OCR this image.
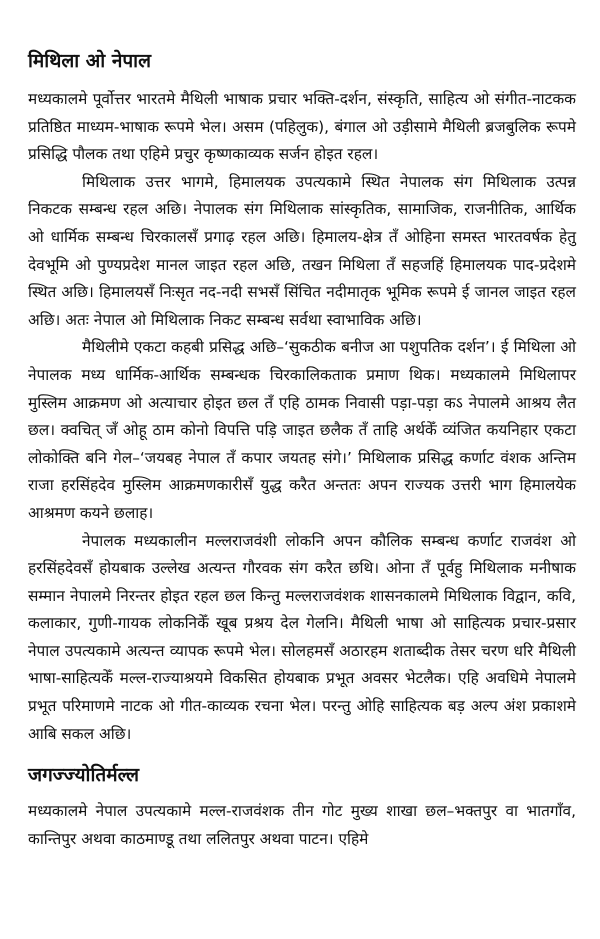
मिथिला ओ नेपाल

मध्यकालमे पूर्वोत्तर भारतमे मैथिली भाषाक प्रचार भक्ति-दर्शन, संस्कृति, साहित्य ओ संगीत-नाटकक प्रतिष्ठित माध्यम-भाषाक रूपमे भेल। असम (पहिलुक), बंगाल ओ उड़ीसामे मैथिली ब्रजबुलिक रूपमे प्रसिद्धि पौलक तथा एहिमे प्रचुर कृष्णकाव्यक सर्जन होइत रहल।

मिथिलाक उत्तर भागमे, हिमालयक उपत्यकामे स्थित नेपालक संग मिथिलाक उत्पन्न निकटक सम्बन्ध रहल अछि। नेपालक संग मिथिलाक सांस्कृतिक, सामाजिक, राजनीतिक, आर्थिक ओ धार्मिक सम्बन्ध चिरकालसँ प्रगाढ़ रहल अछि। हिमालय-क्षेत्र तँ ओहिना समस्त भारतवर्षक हेतु देवभूमि ओ पुण्यप्रदेश मानल जाइत रहल अछि, तखन मिथिला तँ सहजहिं हिमालयक पाद-प्रदेशमे स्थित अछि। हिमालयसँ निःसृत नद-नदी सभसँ सिंचित नदीमातृक भूमिक रूपमे ई जानल जाइत रहल अछि। अतः नेपाल ओ मिथिलाक निकट सम्बन्ध सर्वथा स्वाभाविक अछि।

मैथिलीमे एकटा कहबी प्रसिद्ध अछि–‘सुकठीक बनीज आ पशुपतिक दर्शन’। ई मिथिला ओ नेपालक मध्य धार्मिक-आर्थिक सम्बन्धक चिरकालिकताक प्रमाण थिक। मध्यकालमे मिथिलापर मुस्लिम आक्रमण ओ अत्याचार होइत छल तँ एहि ठामक निवासी पड़ा-पड़ा कऽ नेपालमे आश्रय लैत छल। क्वचित् जँ ओहू ठाम कोनो विपत्ति पड़ि जाइत छलैक तँ ताहि अर्थकेँ व्यंजित कयनिहार एकटा लोकोक्ति बनि गेल–‘जयबह नेपाल तँ कपार जयतह संगे।’ मिथिलाक प्रसिद्ध कर्णाट वंशक अन्तिम राजा हरसिंहदेव मुस्लिम आक्रमणकारीसँ युद्ध करैत अन्ततः अपन राज्यक उत्तरी भाग हिमालयेक आश्रमण कयने छलाह।

नेपालक मध्यकालीन मल्लराजवंशी लोकनि अपन कौलिक सम्बन्ध कर्णाट राजवंश ओ हरसिंहदेवसँ होयबाक उल्लेख अत्यन्त गौरवक संग करैत छथि। ओना तँ पूर्वहु मिथिलाक मनीषाक सम्मान नेपालमे निरन्तर होइत रहल छल किन्तु मल्लराजवंशक शासनकालमे मिथिलाक विद्वान, कवि, कलाकार, गुणी-गायक लोकनिकेँ खूब प्रश्रय देल गेलनि। मैथिली भाषा ओ साहित्यक प्रचार-प्रसार नेपाल उपत्यकामे अत्यन्त व्यापक रूपमे भेल। सोलहमसँ अठारहम शताब्दीक तेसर चरण धरि मैथिली भाषा-साहित्यकेँ मल्ल-राज्याश्रयमे विकसित होयबाक प्रभूत अवसर भेटलैक। एहि अवधिमे नेपालमे प्रभूत परिमाणमे नाटक ओ गीत-काव्यक रचना भेल। परन्तु ओहि साहित्यक बड़ अल्प अंश प्रकाशमे आबि सकल अछि।

जगज्ज्योतिर्मल्ल

मध्यकालमे नेपाल उपत्यकामे मल्ल-राजवंशक तीन गोट मुख्य शाखा छल–भक्तपुर वा भातगाँव, कान्तिपुर अथवा काठमाण्डू तथा ललितपुर अथवा पाटन। एहिमे
